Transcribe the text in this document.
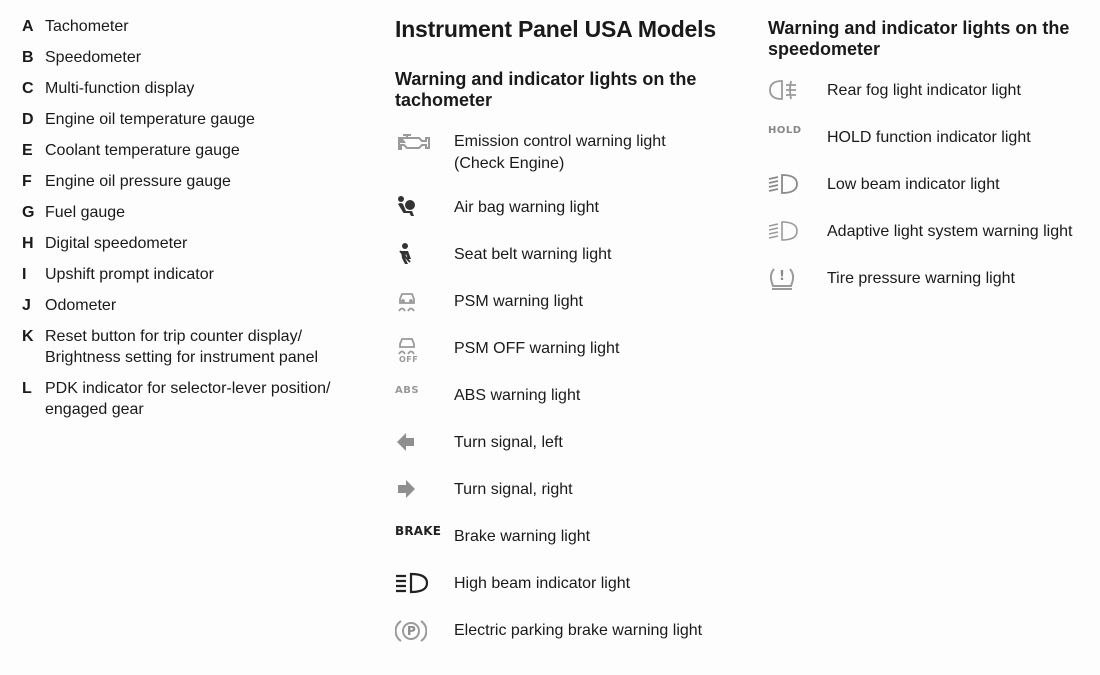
A Tachometer
B Speedometer
C Multi-function display
D Engine oil temperature gauge
E Coolant temperature gauge
F Engine oil pressure gauge
G Fuel gauge
H Digital speedometer
I	Upshift prompt indicator
J Odometer
K Reset button for trip counter display/
Brightness setting for instrument panel
L PDK indicator for selector-lever position/
engaged gear
Instrument Panel USA Models
Warning and indicator lights on the
tachometer
Emission control warning light
(Check Engine)
Air bag warning light
Seat belt warning light
PSM warning light
OFF
PSM OFF warning light
ABS ABS warning light
Turn signal, left
Turn signal, right
BRAKE Brake warning light
High beam indicator light
P Electric parking brake warning light
Warning and indicator lights on the
speedometer
Rear fog light indicator light
HOLD HOLD function indicator light
Low beam indicator light
Adaptive light system warning light
!	Tire pressure warning light
